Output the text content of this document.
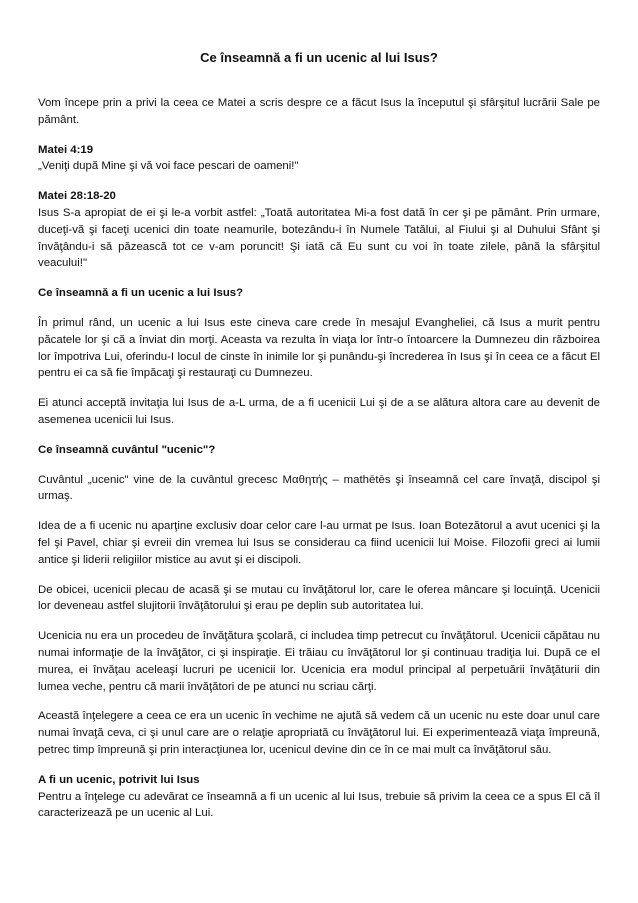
Ce înseamnă a fi un ucenic al lui Isus?

Vom începe prin a privi la ceea ce Matei a scris despre ce a făcut Isus la începutul şi sfârşitul lucrării Sale pe pământ.

Matei 4:19

„Veniţi după Mine şi vă voi face pescari de oameni!"

Matei 28:18-20

Isus S-a apropiat de ei şi le-a vorbit astfel: „Toată autoritatea Mi-a fost dată în cer şi pe pământ. Prin urmare, duceţi-vă şi faceţi ucenici din toate neamurile, botezându-i în Numele Tatălui, al Fiului şi al Duhului Sfânt şi învăţându-i să păzească tot ce v-am poruncit! Şi iată că Eu sunt cu voi în toate zilele, până la sfârşitul veacului!"

Ce înseamnă a fi un ucenic a lui Isus?

În primul rând, un ucenic a lui Isus este cineva care crede în mesajul Evangheliei, că Isus a murit pentru păcatele lor şi că a înviat din morţi. Aceasta va rezulta în viaţa lor într-o întoarcere la Dumnezeu din războirea lor împotriva Lui, oferindu-I locul de cinste în inimile lor şi punându-şi încrederea în Isus şi în ceea ce a făcut El pentru ei ca să fie împăcaţi şi restauraţi cu Dumnezeu.

Ei atunci acceptă invitaţia lui Isus de a-L urma, de a fi ucenicii Lui şi de a se alătura altora care au devenit de asemenea ucenicii lui Isus.

Ce înseamnă cuvântul "ucenic"?

Cuvântul „ucenic" vine de la cuvântul grecesc Μαθητής – mathētēs şi înseamnă cel care învaţă, discipol şi urmaş.

Idea de a fi ucenic nu aparţine exclusiv doar celor care l-au urmat pe Isus. Ioan Botezătorul a avut ucenici şi la fel şi Pavel, chiar şi evreii din vremea lui Isus se considerau ca fiind ucenicii lui Moise. Filozofii greci ai lumii antice şi liderii religiilor mistice au avut şi ei discipoli.

De obicei, ucenicii plecau de acasă şi se mutau cu învăţătorul lor, care le oferea mâncare şi locuinţă. Ucenicii lor deveneau astfel slujitorii învăţătorului şi erau pe deplin sub autoritatea lui.

Ucenicia nu era un procedeu de învăţătura şcolară, ci includea timp petrecut cu învăţătorul. Ucenicii căpătau nu numai informaţie de la învăţător, ci şi inspiraţie. Ei trăiau cu învăţătorul lor şi continuau tradiţia lui. După ce el murea, ei învăţau aceleaşi lucruri pe ucenicii lor. Ucenicia era modul principal al perpetuării învăţăturii din lumea veche, pentru că marii învăţători de pe atunci nu scriau cărţi.

Această înţelegere a ceea ce era un ucenic în vechime ne ajută să vedem că un ucenic nu este doar unul care numai învaţă ceva, ci şi unul care are o relaţie apropriată cu învăţătorul lui. Ei experimentează viaţa împreună, petrec timp împreună şi prin interacţiunea lor, ucenicul devine din ce în ce mai mult ca învăţătorul său.

A fi un ucenic, potrivit lui Isus

Pentru a înţelege cu adevărat ce înseamnă a fi un ucenic al lui Isus, trebuie să privim la ceea ce a spus El că îl caracterizează pe un ucenic al Lui.
